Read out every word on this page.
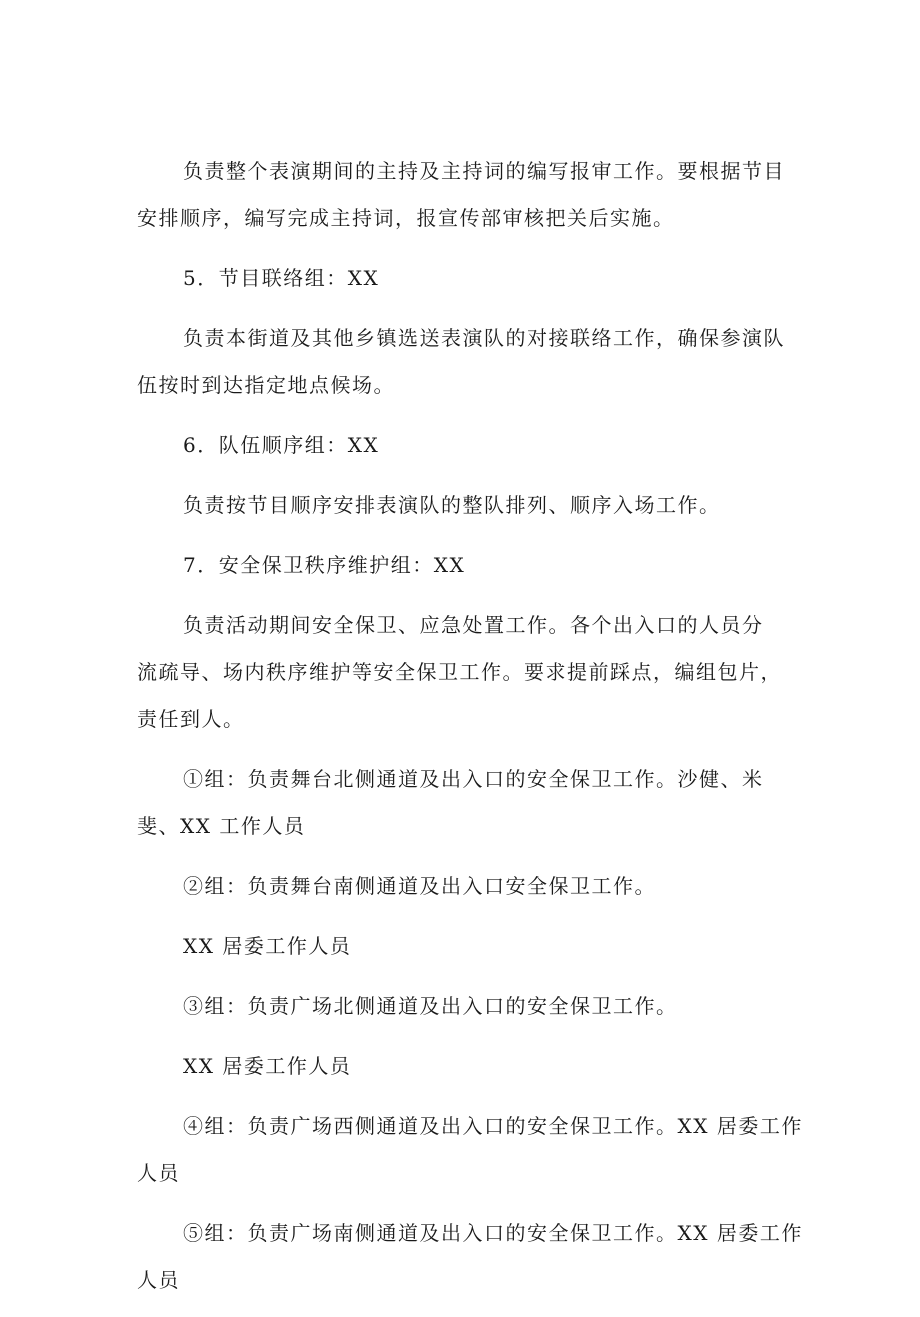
负责整个表演期间的主持及主持词的编写报审工作。要根据节目
安排顺序，编写完成主持词，报宣传部审核把关后实施。

5．节目联络组：XX

负责本街道及其他乡镇选送表演队的对接联络工作，确保参演队
伍按时到达指定地点候场。

6．队伍顺序组：XX

负责按节目顺序安排表演队的整队排列、顺序入场工作。

7．安全保卫秩序维护组：XX

负责活动期间安全保卫、应急处置工作。各个出入口的人员分
流疏导、场内秩序维护等安全保卫工作。要求提前踩点，编组包片，
责任到人。

①组：负责舞台北侧通道及出入口的安全保卫工作。沙健、米
斐、XX 工作人员

②组：负责舞台南侧通道及出入口安全保卫工作。

XX 居委工作人员

③组：负责广场北侧通道及出入口的安全保卫工作。

XX 居委工作人员

④组：负责广场西侧通道及出入口的安全保卫工作。XX 居委工作
人员

⑤组：负责广场南侧通道及出入口的安全保卫工作。XX 居委工作
人员
